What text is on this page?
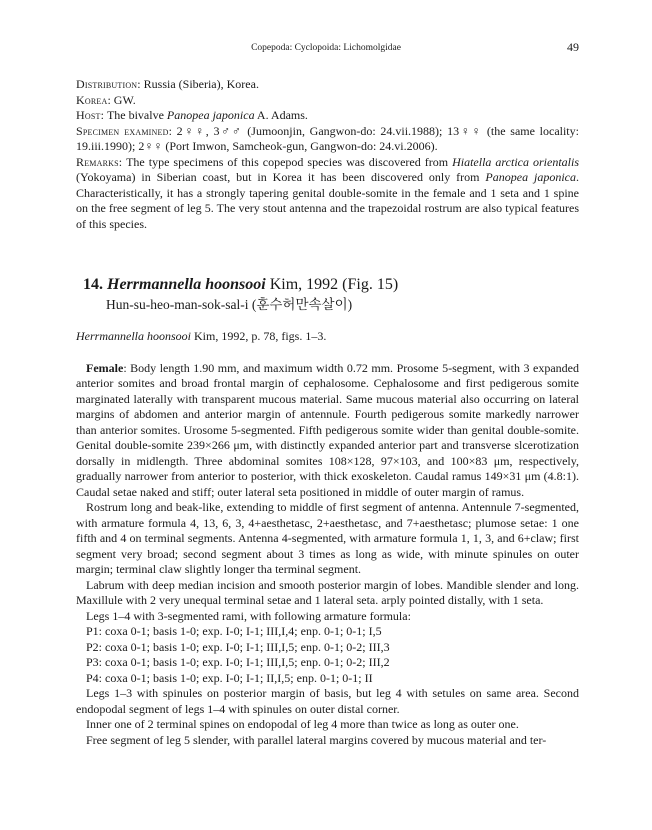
Copepoda: Cyclopoida: Lichomolgidae	49

Distribution: Russia (Siberia), Korea.

Korea: GW.

Host: The bivalve Panopea japonica A. Adams.

Specimen examined: 2♀♀, 3♂♂ (Jumoonjin, Gangwon-do: 24.vii.1988); 13♀♀ (the same locality: 19.iii.1990); 2♀♀ (Port Imwon, Samcheok-gun, Gangwon-do: 24.vi.2006).

Remarks: The type specimens of this copepod species was discovered from Hiatella arctica orientalis (Yokoyama) in Siberian coast, but in Korea it has been discovered only from Panopea japonica. Characteristically, it has a strongly tapering genital double-somite in the female and 1 seta and 1 spine on the free segment of leg 5. The very stout antenna and the trapezoidal rostrum are also typical features of this species.

14. Herrmannella hoonsooi Kim, 1992 (Fig. 15)
Hun-su-heo-man-sok-sal-i (훈수허만속살이)

Herrmannella hoonsooi Kim, 1992, p. 78, figs. 1–3.

Female: Body length 1.90 mm, and maximum width 0.72 mm. Prosome 5-segment, with 3 expanded anterior somites and broad frontal margin of cephalosome. Cephalosome and first pedigerous somite marginated laterally with transparent mucous material. Same mucous material also occurring on lateral margins of abdomen and anterior margin of antennule. Fourth pedigerous somite markedly narrower than anterior somites. Urosome 5-segmented. Fifth pedigerous somite wider than genital double-somite. Genital double-somite 239×266 μm, with distinctly expanded anterior part and transverse slcerotization dorsally in midlength. Three abdominal somites 108×128, 97×103, and 100×83 μm, respectively, gradually narrower from anterior to posterior, with thick exoskeleton. Caudal ramus 149×31 μm (4.8:1). Caudal setae naked and stiff; outer lateral seta positioned in middle of outer margin of ramus.

Rostrum long and beak-like, extending to middle of first segment of antenna. Antennule 7-segmented, with armature formula 4, 13, 6, 3, 4+aesthetasc, 2+aesthetasc, and 7+aesthetasc; plumose setae: 1 one fifth and 4 on terminal segments. Antenna 4-segmented, with armature formula 1, 1, 3, and 6+claw; first segment very broad; second segment about 3 times as long as wide, with minute spinules on outer margin; terminal claw slightly longer tha terminal segment.

Labrum with deep median incision and smooth posterior margin of lobes. Mandible slender and long. Maxillule with 2 very unequal terminal setae and 1 lateral seta. arply pointed distally, with 1 seta.

Legs 1–4 with 3-segmented rami, with following armature formula:

P1: coxa 0-1; basis 1-0; exp. I-0; I-1; III,I,4; enp. 0-1; 0-1; I,5

P2: coxa 0-1; basis 1-0; exp. I-0; I-1; III,I,5; enp. 0-1; 0-2; III,3

P3: coxa 0-1; basis 1-0; exp. I-0; I-1; III,I,5; enp. 0-1; 0-2; III,2

P4: coxa 0-1; basis 1-0; exp. I-0; I-1; II,I,5; enp. 0-1; 0-1; II

Legs 1–3 with spinules on posterior margin of basis, but leg 4 with setules on same area. Second endopodal segment of legs 1–4 with spinules on outer distal corner.

Inner one of 2 terminal spines on endopodal of leg 4 more than twice as long as outer one.

Free segment of leg 5 slender, with parallel lateral margins covered by mucous material and ter-
